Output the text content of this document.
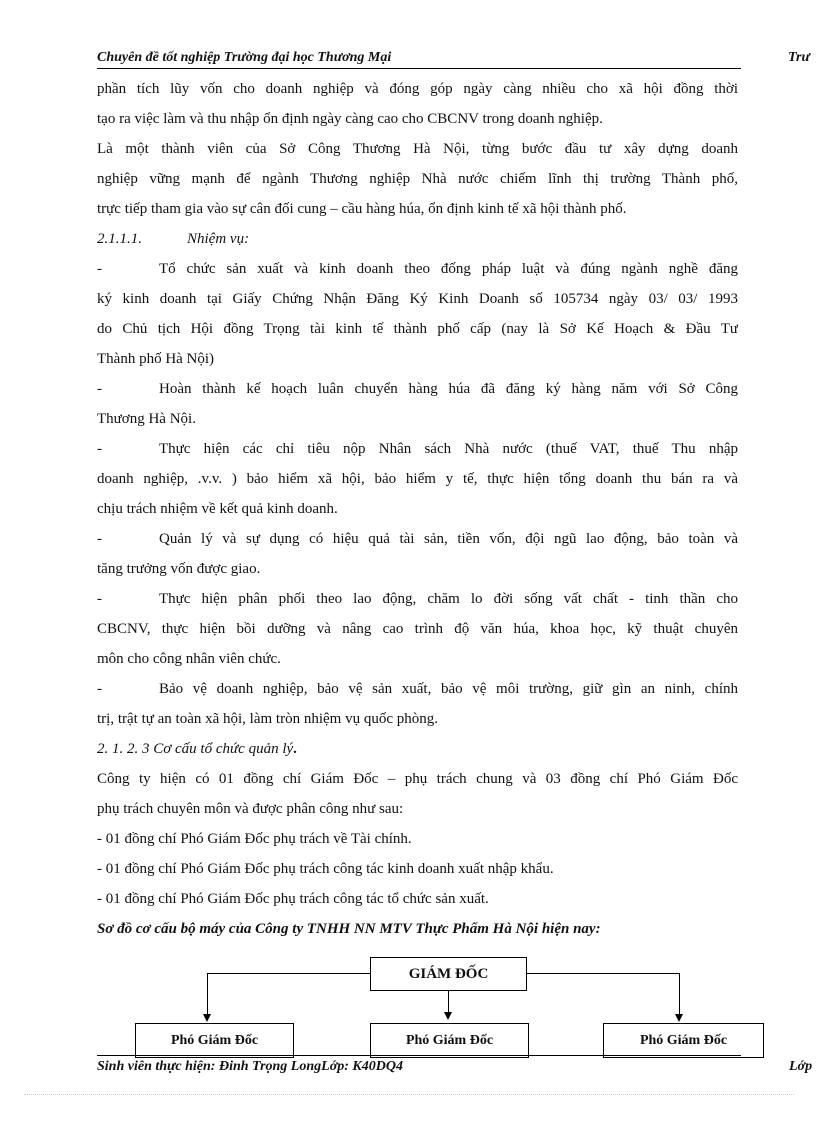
Chuyên đề tốt nghiệp Trường đại học Thương Mại	Trư
phần tích lũy vốn cho doanh nghiệp và đóng góp ngày càng nhiều cho xã hội đồng thời
tạo ra việc làm và thu nhập ổn định ngày càng cao cho CBCNV trong doanh nghiệp.
Là một thành viên của Sở Công Thương Hà Nội, từng bước đầu tư xây dựng doanh
nghiệp vững mạnh để ngành Thương nghiệp Nhà nước chiếm lĩnh thị trường Thành phố,
trực tiếp tham gia vào sự cân đối cung – cầu hàng húa, ổn định kinh tế xã hội thành phố.
2.1.1.1.	Nhiệm vụ:
-	Tổ chức sản xuất và kinh doanh theo đống pháp luật và đúng ngành nghề đăng
ký kinh doanh tại Giấy Chứng Nhận Đăng Ký Kinh Doanh số 105734 ngày 03/ 03/ 1993
do Chủ tịch Hội đồng Trọng tài kinh tế thành phố cấp (nay là Sở Kế Hoạch & Đầu Tư
Thành phố Hà Nội)
-	Hoàn thành kế hoạch luân chuyển hàng húa đã đăng ký hàng năm với Sở Công
Thương Hà Nội.
-	Thực hiện các chỉ tiêu nộp Nhân sách Nhà nước (thuế VAT, thuế Thu nhập
doanh nghiệp, .v.v. ) bảo hiểm xã hội, bảo hiểm y tế, thực hiện tổng doanh thu bán ra và
chịu trách nhiệm về kết quả kinh doanh.
-	Quản lý và sự dụng có hiệu quả tài sản, tiền vốn, đội ngũ lao động, bảo toàn và
tăng trưởng vốn được giao.
-	Thực hiện phân phối theo lao động, chăm lo đời sống vất chất - tinh thần cho
CBCNV, thực hiện bồi dưỡng và nâng cao trình độ văn húa, khoa học, kỹ thuật chuyên
môn cho công nhân viên chức.
-	Bảo vệ doanh nghiệp, bảo vệ sản xuất, bảo vệ môi trường, giữ gìn an ninh, chính
trị, trật tự an toàn xã hội, làm tròn nhiệm vụ quốc phòng.
2. 1. 2. 3 Cơ cấu tổ chức quản lý.
Công ty hiện có 01 đồng chí Giám Đốc – phụ trách chung và 03 đồng chí Phó Giám Đốc
phụ trách chuyên môn và được phân công như sau:
- 01 đồng chí Phó Giám Đốc phụ trách về Tài chính.
- 01 đồng chí Phó Giám Đốc phụ trách công tác kinh doanh xuất nhập khẩu.
- 01 đồng chí Phó Giám Đốc phụ trách công tác tổ chức sản xuất.
Sơ đồ cơ cấu bộ máy của Công ty TNHH NN MTV Thực Phẩm Hà Nội hiện nay:
GIÁM ĐỐC
Phó Giám Đốc	Phó Giám Đốc	Phó Giám Đốc
Sinh viên thực hiện: Đinh Trọng LongLớp: K40DQ4	Lớp
